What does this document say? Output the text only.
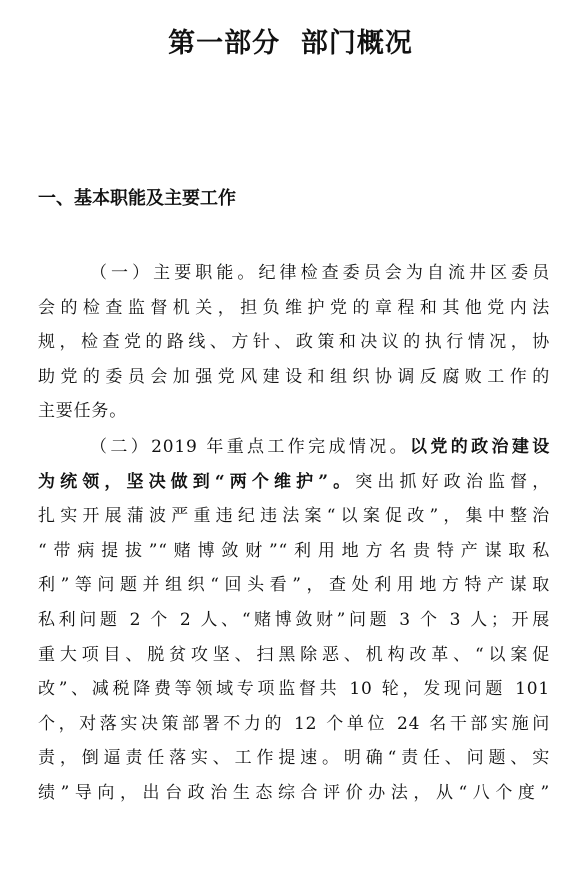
第一部分  部门概况
一、基本职能及主要工作
（一）主要职能。纪律检查委员会为自流井区委员
会的检查监督机关，担负维护党的章程和其他党内法
规，检查党的路线、方针、政策和决议的执行情况，协
助党的委员会加强党风建设和组织协调反腐败工作的
主要任务。
（二）2019 年重点工作完成情况。以党的政治建设
为统领，坚决做到“两个维护”。突出抓好政治监督，
扎实开展蒲波严重违纪违法案“以案促改”，集中整治
“带病提拔”“赌博敛财”“利用地方名贵特产谋取私
利”等问题并组织“回头看”，查处利用地方特产谋取
私利问题 2 个 2 人、“赌博敛财”问题 3 个 3 人；开展
重大项目、脱贫攻坚、扫黑除恶、机构改革、“以案促
改”、减税降费等领域专项监督共 10 轮，发现问题 101
个，对落实决策部署不力的 12 个单位 24 名干部实施问
责，倒逼责任落实、工作提速。明确“责任、问题、实
绩”导向，出台政治生态综合评价办法，从“八个度”
